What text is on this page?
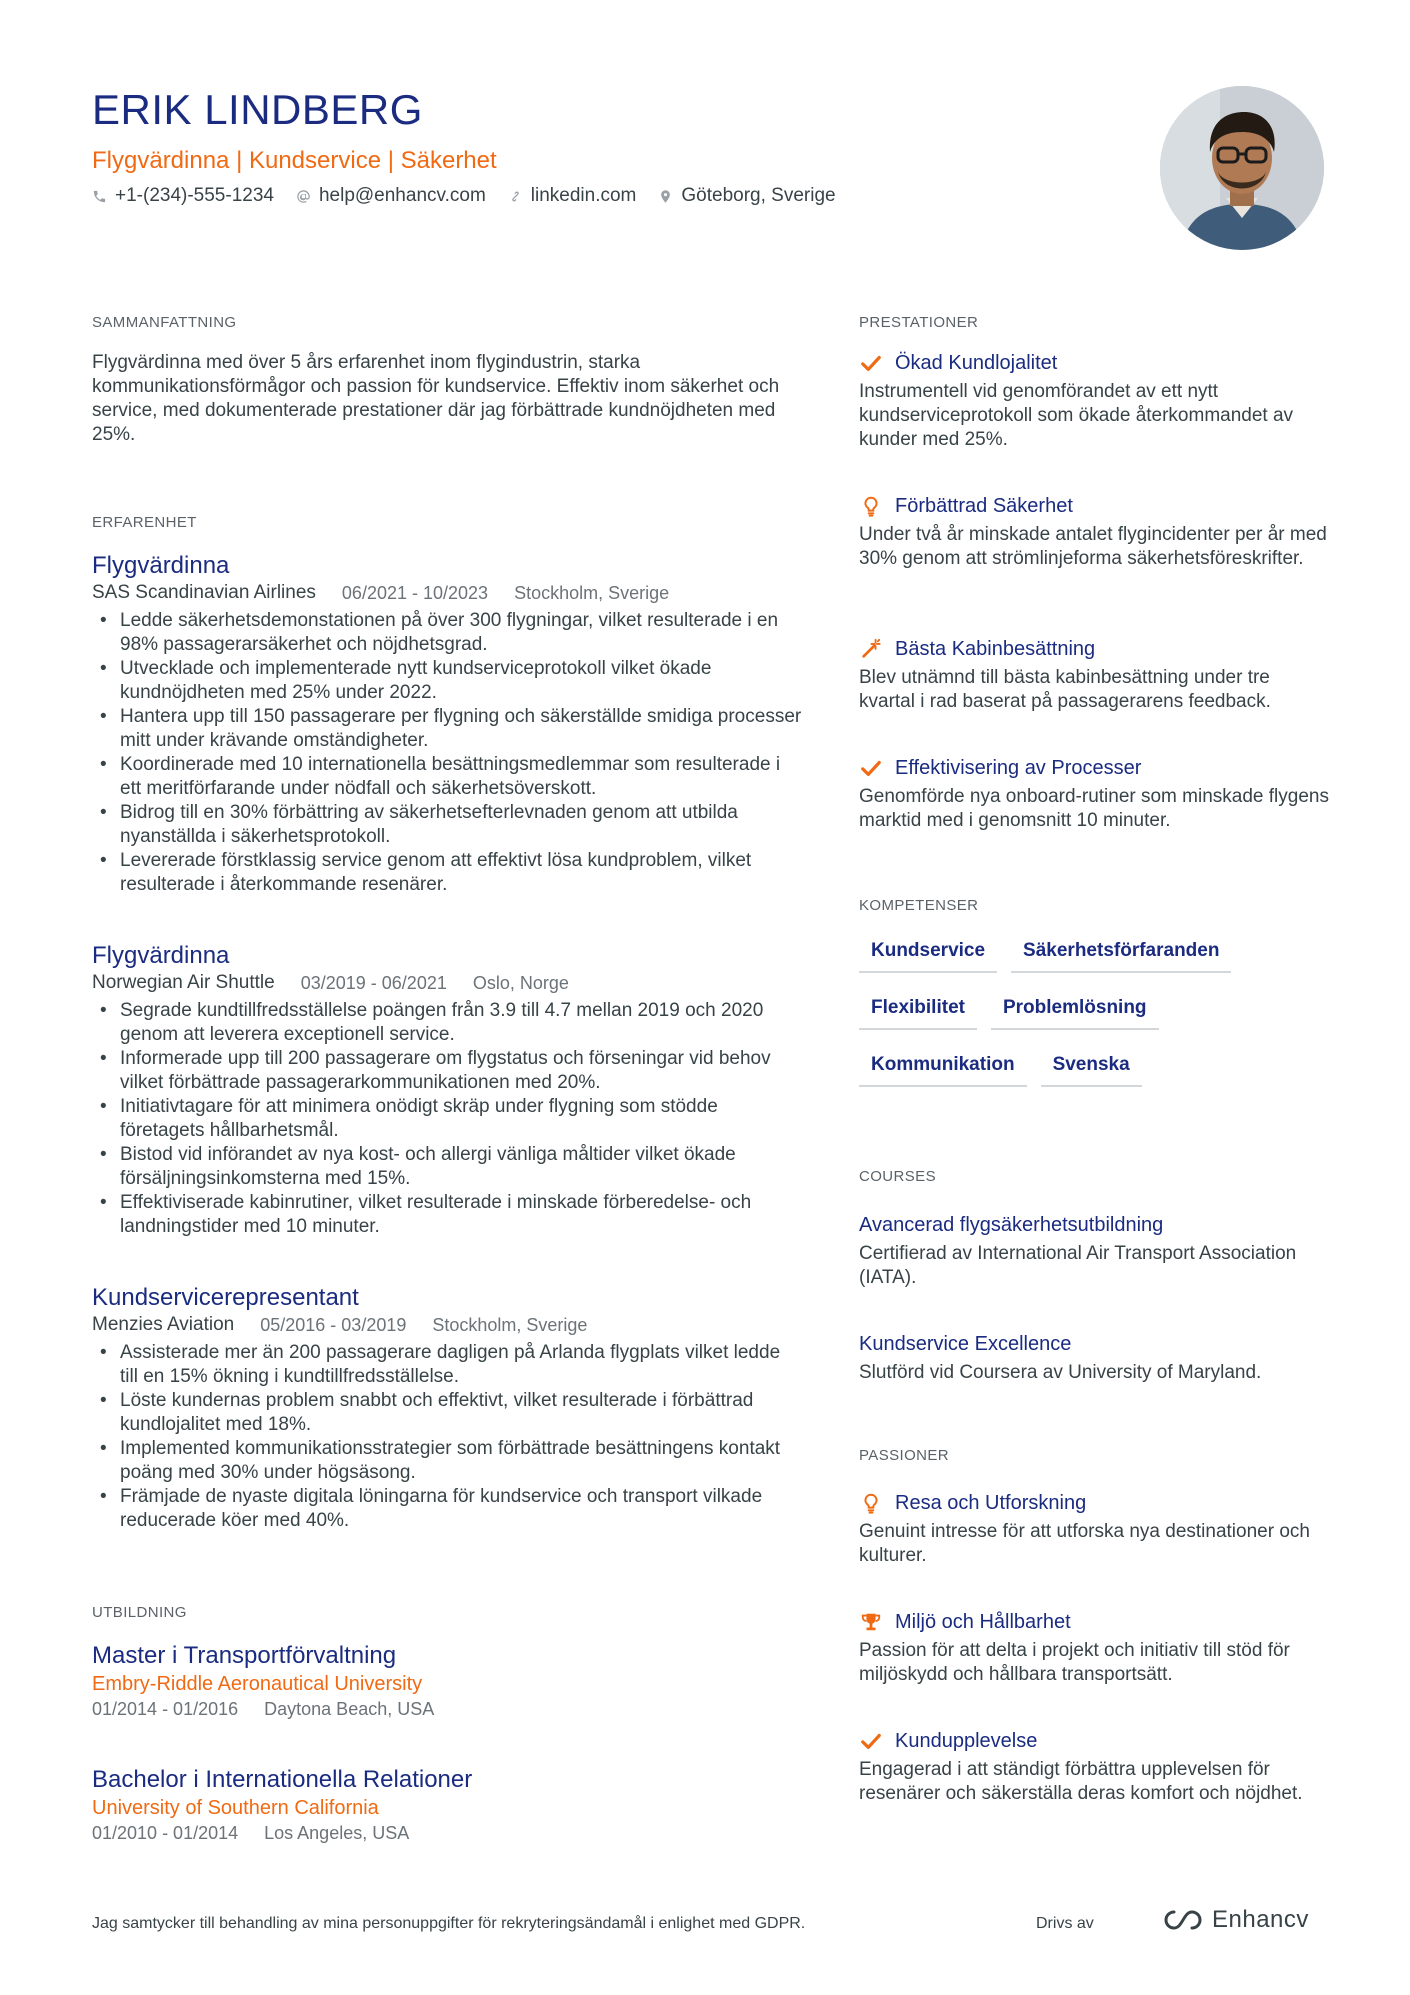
ERIK LINDBERG
Flygvärdinna | Kundservice | Säkerhet
+1-(234)-555-1234 help@enhancv.com linkedin.com Göteborg, Sverige
SAMMANFATTNING
Flygvärdinna med över 5 års erfarenhet inom flygindustrin, starka kommunikationsförmågor och passion för kundservice. Effektiv inom säkerhet och service, med dokumenterade prestationer där jag förbättrade kundnöjdheten med 25%.
ERFARENHET
Flygvärdinna
SAS Scandinavian Airlines 06/2021 - 10/2023 Stockholm, Sverige
• Ledde säkerhetsdemonstationen på över 300 flygningar, vilket resulterade i en 98% passagerarsäkerhet och nöjdhetsgrad.
• Utvecklade och implementerade nytt kundserviceprotokoll vilket ökade kundnöjdheten med 25% under 2022.
• Hantera upp till 150 passagerare per flygning och säkerställde smidiga processer mitt under krävande omständigheter.
• Koordinerade med 10 internationella besättningsmedlemmar som resulterade i ett meritförfarande under nödfall och säkerhetsöverskott.
• Bidrog till en 30% förbättring av säkerhetsefterlevnaden genom att utbilda nyanställda i säkerhetsprotokoll.
• Levererade förstklassig service genom att effektivt lösa kundproblem, vilket resulterade i återkommande resenärer.
Flygvärdinna
Norwegian Air Shuttle 03/2019 - 06/2021 Oslo, Norge
• Segrade kundtillfredsställelse poängen från 3.9 till 4.7 mellan 2019 och 2020 genom att leverera exceptionell service.
• Informerade upp till 200 passagerare om flygstatus och förseningar vid behov vilket förbättrade passagerarkommunikationen med 20%.
• Initiativtagare för att minimera onödigt skräp under flygning som stödde företagets hållbarhetsmål.
• Bistod vid införandet av nya kost- och allergi vänliga måltider vilket ökade försäljningsinkomsterna med 15%.
• Effektiviserade kabinrutiner, vilket resulterade i minskade förberedelse- och landningstider med 10 minuter.
Kundservicerepresentant
Menzies Aviation 05/2016 - 03/2019 Stockholm, Sverige
• Assisterade mer än 200 passagerare dagligen på Arlanda flygplats vilket ledde till en 15% ökning i kundtillfredsställelse.
• Löste kundernas problem snabbt och effektivt, vilket resulterade i förbättrad kundlojalitet med 18%.
• Implemented kommunikationsstrategier som förbättrade besättningens kontakt poäng med 30% under högsäsong.
• Främjade de nyaste digitala löningarna för kundservice och transport vilkade reducerade köer med 40%.
UTBILDNING
Master i Transportförvaltning
Embry-Riddle Aeronautical University
01/2014 - 01/2016 Daytona Beach, USA
Bachelor i Internationella Relationer
University of Southern California
01/2010 - 01/2014 Los Angeles, USA
PRESTATIONER
Ökad Kundlojalitet
Instrumentell vid genomförandet av ett nytt kundserviceprotokoll som ökade återkommandet av kunder med 25%.
Förbättrad Säkerhet
Under två år minskade antalet flygincidenter per år med 30% genom att strömlinjeforma säkerhetsföreskrifter.
Bästa Kabinbesättning
Blev utnämnd till bästa kabinbesättning under tre kvartal i rad baserat på passagerarens feedback.
Effektivisering av Processer
Genomförde nya onboard-rutiner som minskade flygens marktid med i genomsnitt 10 minuter.
KOMPETENSER
Kundservice	Säkerhetsförfaranden
Flexibilitet	Problemlösning
Kommunikation	Svenska
COURSES
Avancerad flygsäkerhetsutbildning
Certifierad av International Air Transport Association (IATA).
Kundservice Excellence
Slutförd vid Coursera av University of Maryland.
PASSIONER
Resa och Utforskning
Genuint intresse för att utforska nya destinationer och kulturer.
Miljö och Hållbarhet
Passion för att delta i projekt och initiativ till stöd för miljöskydd och hållbara transportsätt.
Kundupplevelse
Engagerad i att ständigt förbättra upplevelsen för resenärer och säkerställa deras komfort och nöjdhet.
Jag samtycker till behandling av mina personuppgifter för rekryteringsändamål i enlighet med GDPR.	Drivs av	Enhancv
